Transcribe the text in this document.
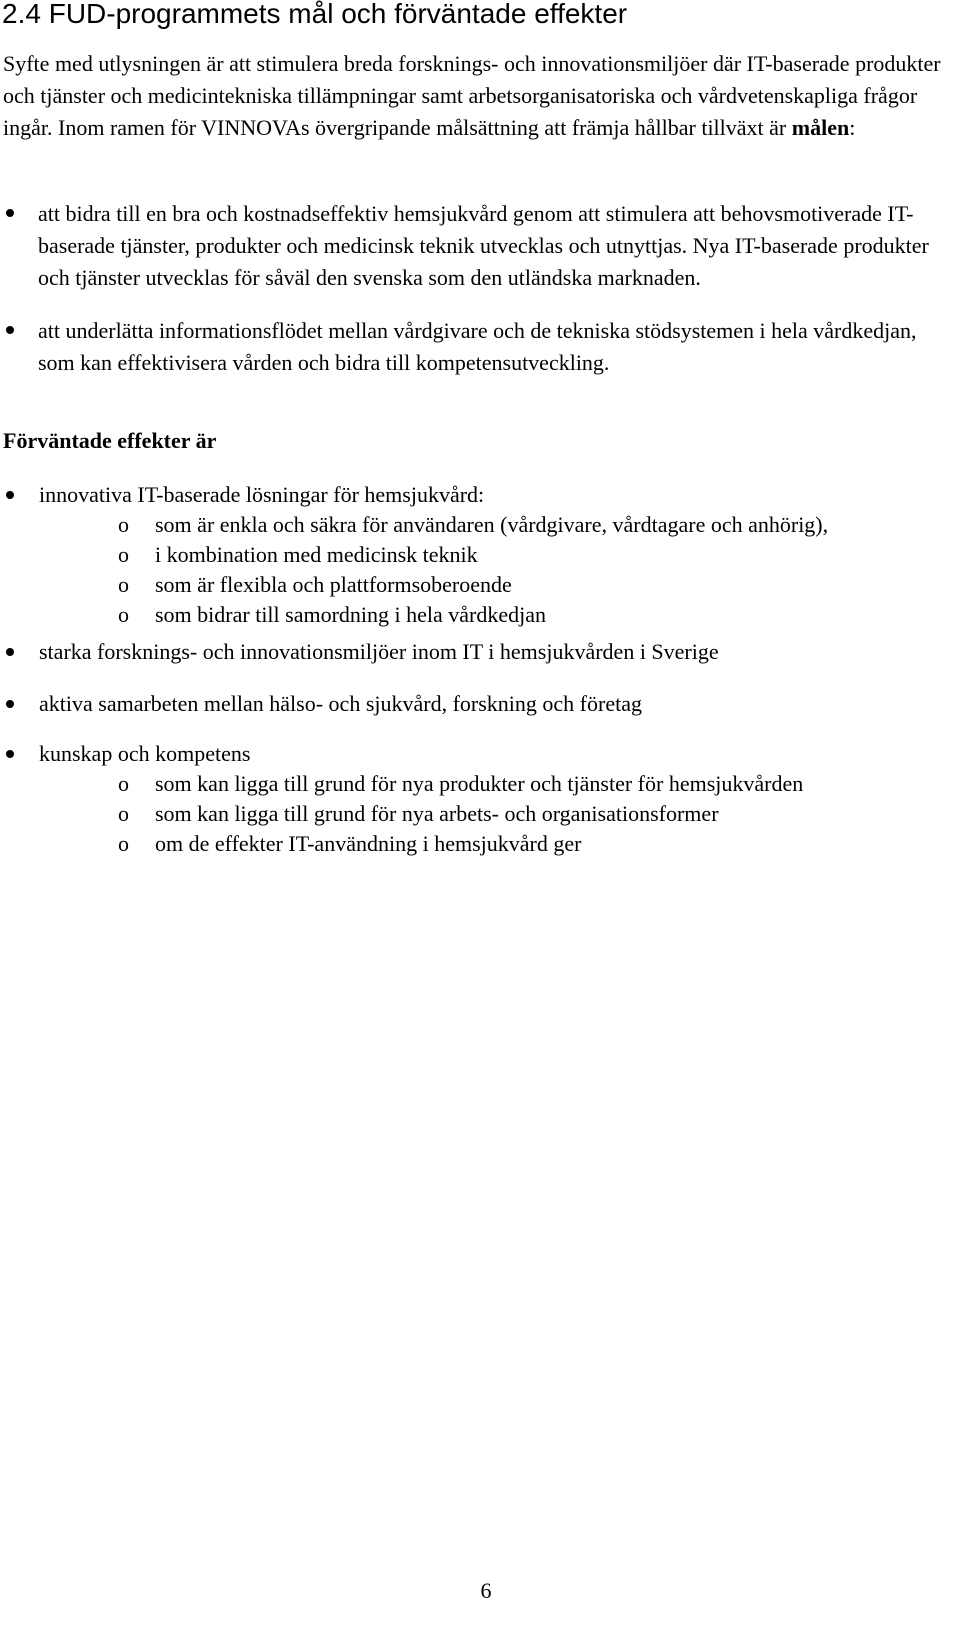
2.4 FUD-programmets mål och förväntade effekter

Syfte med utlysningen är att stimulera breda forsknings- och innovationsmiljöer där IT-baserade produkter och tjänster och medicintekniska tillämpningar samt arbetsorganisatoriska och vårdvetenskapliga frågor ingår. Inom ramen för VINNOVAs övergripande målsättning att främja hållbar tillväxt är målen:

att bidra till en bra och kostnadseffektiv hemsjukvård genom att stimulera att behovsmotiverade IT-baserade tjänster, produkter och medicinsk teknik utvecklas och utnyttjas. Nya IT-baserade produkter och tjänster utvecklas för såväl den svenska som den utländska marknaden.
att underlätta informationsflödet mellan vårdgivare och de tekniska stödsystemen i hela vårdkedjan, som kan effektivisera vården och bidra till kompetensutveckling.
Förväntade effekter är
innovativa IT-baserade lösningar för hemsjukvård:
o som är enkla och säkra för användaren (vårdgivare, vårdtagare och anhörig),
o i kombination med medicinsk teknik
o som är flexibla och plattformsoberoende
o som bidrar till samordning i hela vårdkedjan
starka forsknings- och innovationsmiljöer inom IT i hemsjukvården i Sverige
aktiva samarbeten mellan hälso- och sjukvård, forskning och företag
kunskap och kompetens
o som kan ligga till grund för nya produkter och tjänster för hemsjukvården
o som kan ligga till grund för nya arbets- och organisationsformer
o om de effekter IT-användning i hemsjukvård ger

6
